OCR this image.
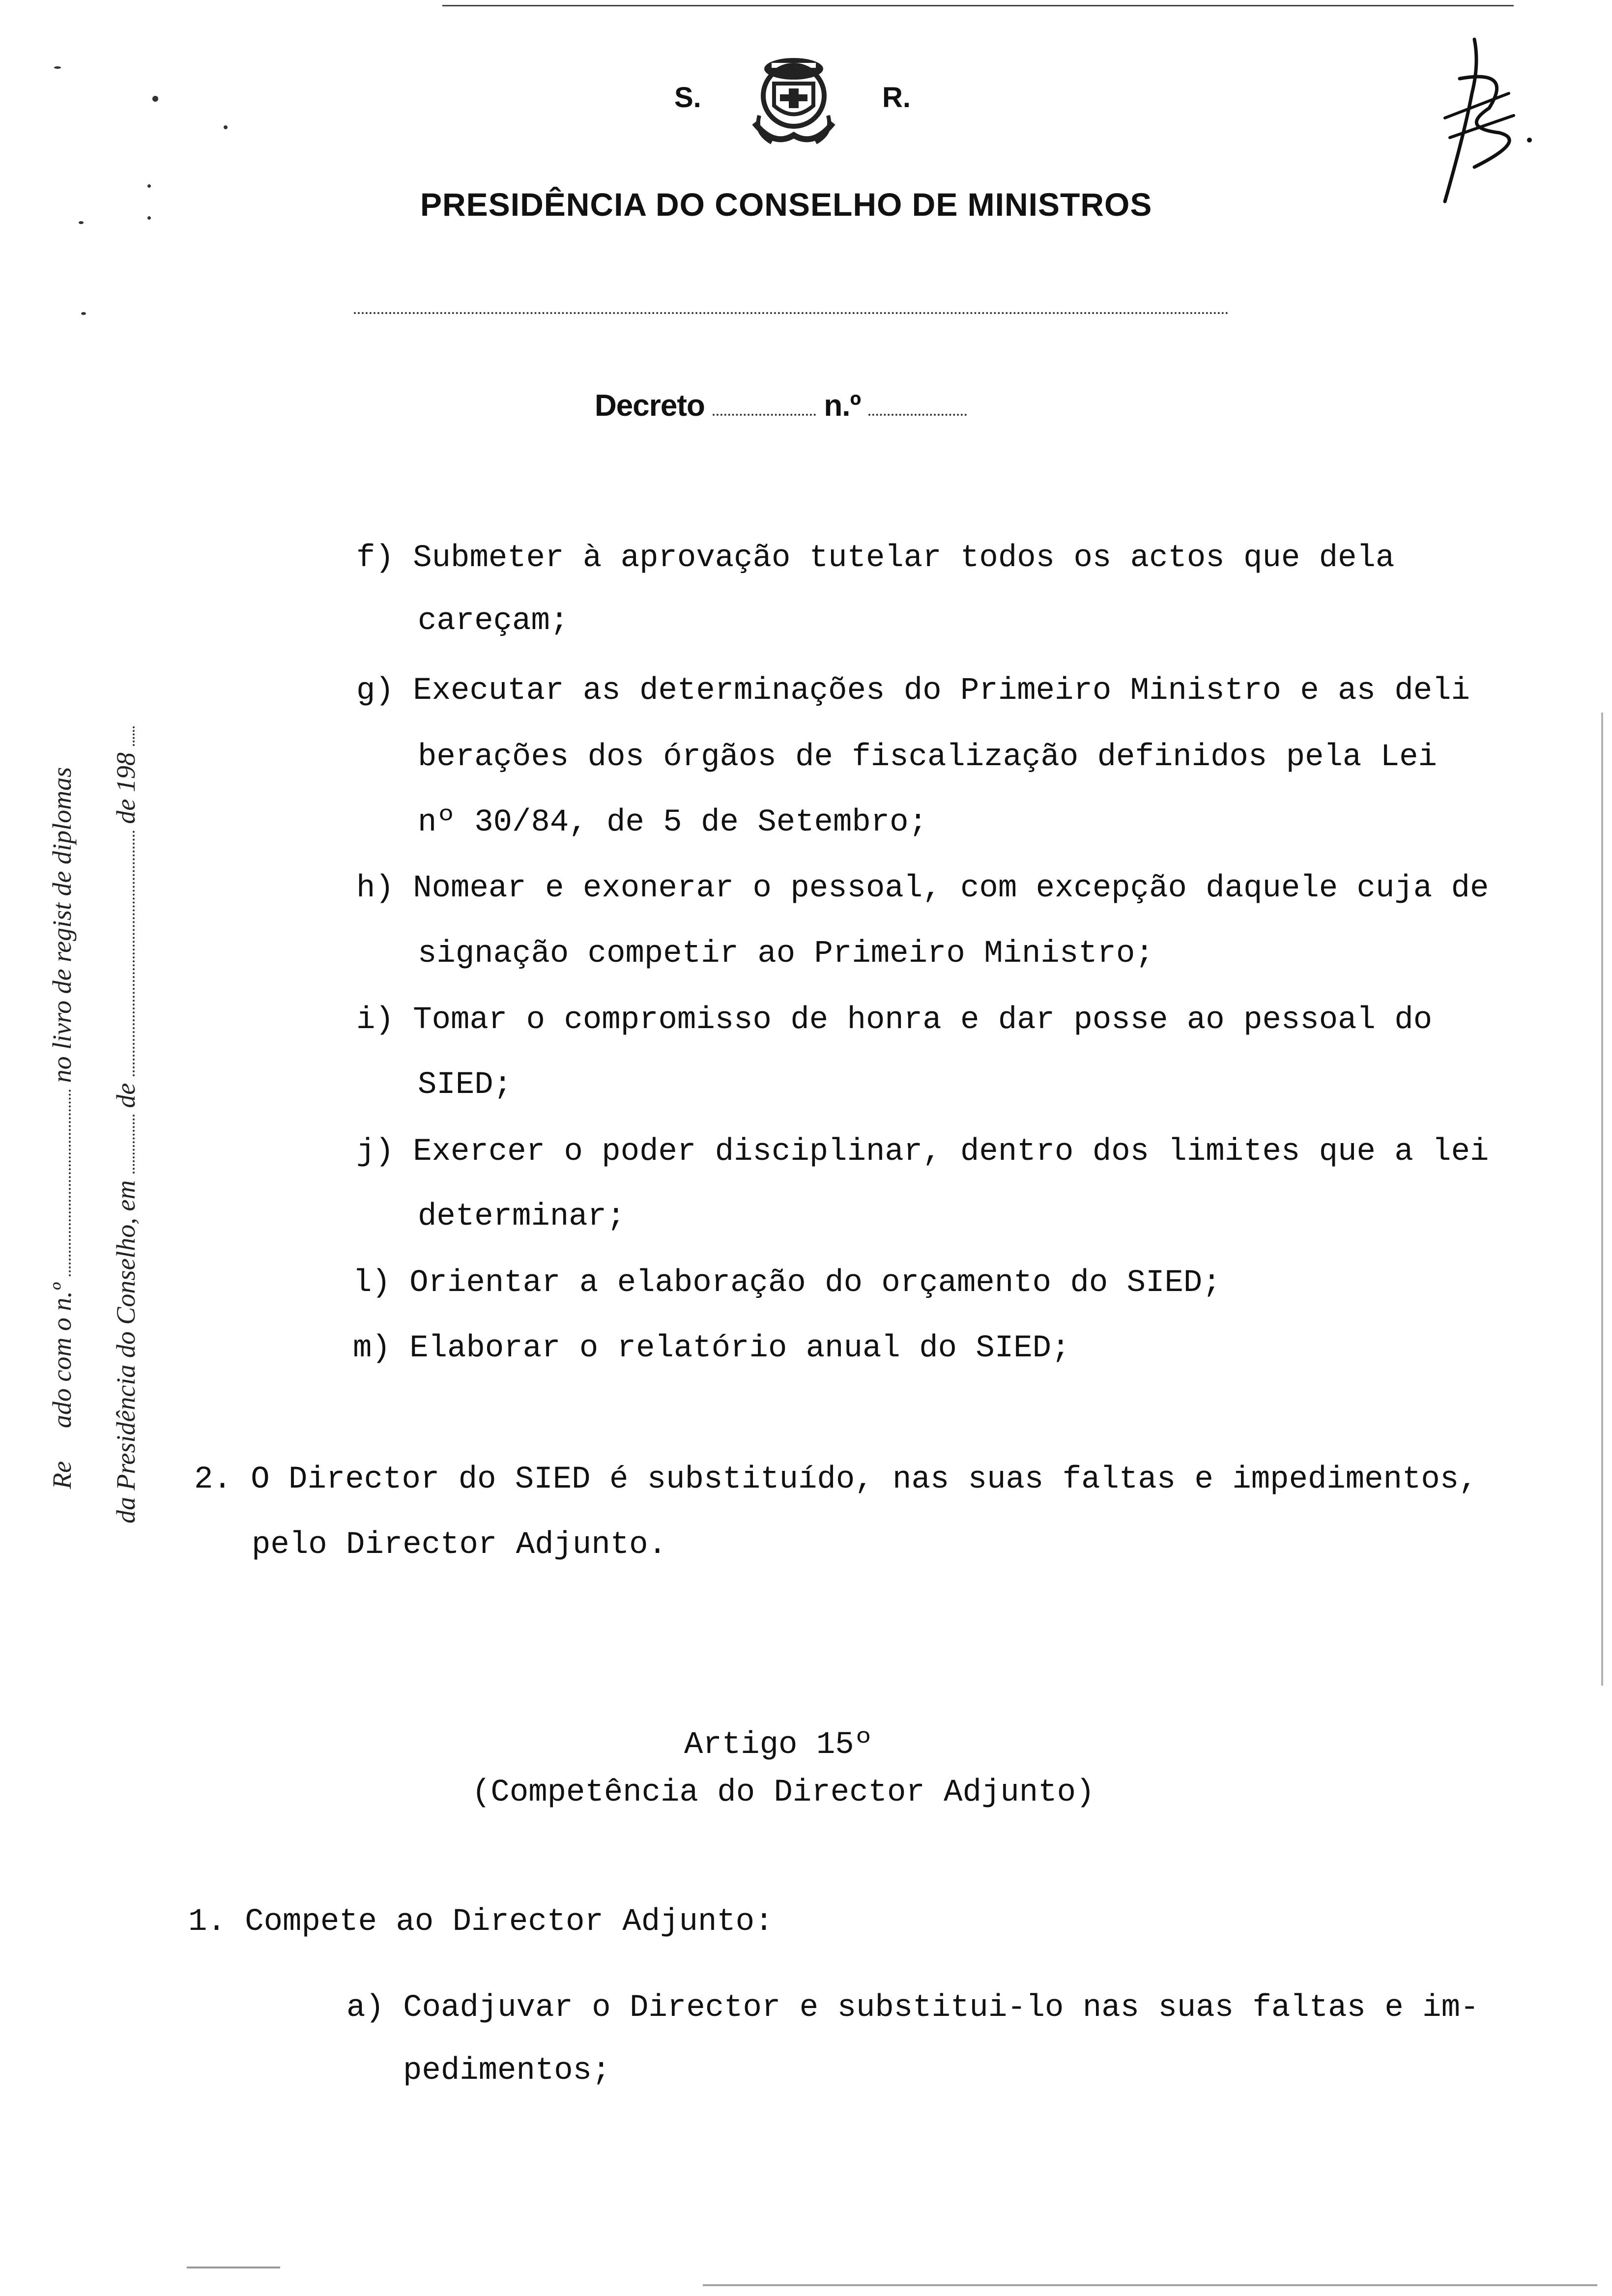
S.	R.
PRESIDÊNCIA DO CONSELHO DE MINISTROS
Decreto	n.º
Re  ado com o n.º  no livro de regist de diplomas
da Presidência do Conselho, em  de  de 198
f) Submeter à aprovação tutelar todos os actos que dela
careçam;
g) Executar as determinações do Primeiro Ministro e as deli
berações dos órgãos de fiscalização definidos pela Lei
nº 30/84, de 5 de Setembro;
h) Nomear e exonerar o pessoal, com excepção daquele cuja de
signação competir ao Primeiro Ministro;
i) Tomar o compromisso de honra e dar posse ao pessoal do
SIED;
j) Exercer o poder disciplinar, dentro dos limites que a lei
determinar;
l) Orientar a elaboração do orçamento do SIED;
m) Elaborar o relatório anual do SIED;
2. O Director do SIED é substituído, nas suas faltas e impedimentos,
pelo Director Adjunto.
Artigo 15º
(Competência do Director Adjunto)
1. Compete ao Director Adjunto:
a) Coadjuvar o Director e substitui-lo nas suas faltas e im-
pedimentos;
